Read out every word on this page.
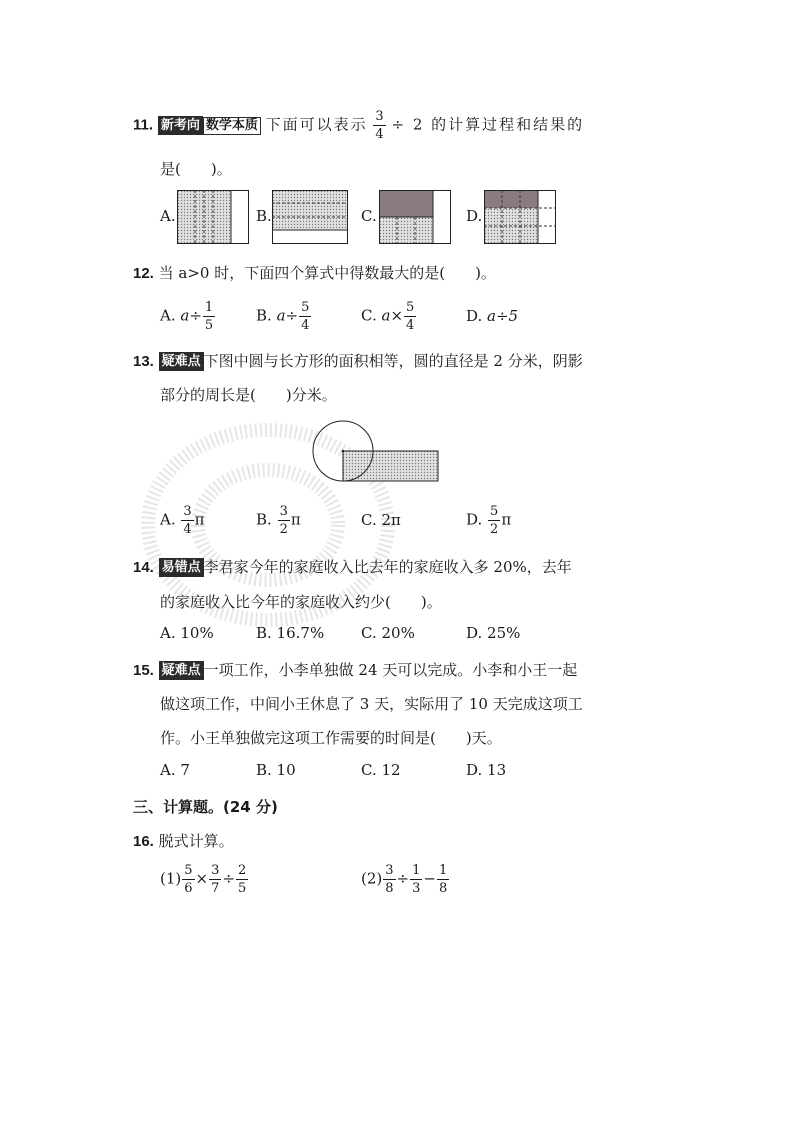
11. 新考向 数学本质 下面可以表示 $\frac{3}{4} \div 2$ 的计算过程和结果的
是(　　)。
A.	B.	C.	D.
12. 当 a>0 时，下面四个算式中得数最大的是(　　)。
A. $a\div \frac{1}{5}$	B. $a\div \frac{5}{4}$	C. $a\times \frac{5}{4}$	D. a÷5
13. 疑难点 下图中圆与长方形的面积相等，圆的直径是 2 分米，阴影
部分的周长是(　　)分米。
A. $\frac{3}{4}$ π	B. $\frac{3}{2}$ π	C. 2π	D. $\frac{5}{2}$ π
14. 易错点 李君家今年的家庭收入比去年的家庭收入多 20%，去年
的家庭收入比今年的家庭收入约少(　　)。
A. 10%	B. 16.7% C. 20%	D. 25%
15. 疑难点 一项工作，小李单独做 24 天可以完成。小李和小王一起
做这项工作，中间小王休息了 3 天，实际用了 10 天完成这项工
作。小王单独做完这项工作需要的时间是(　　)天。
A. 7	B. 10	C. 12	D. 13
三、计算题。(24 分)
16. 脱式计算。
$(1) \frac{5}{6} \times \frac{3}{7} \div \frac{2}{5}$	$(2) \frac{3}{8} \div \frac{1}{3} - \frac{1}{8}$
